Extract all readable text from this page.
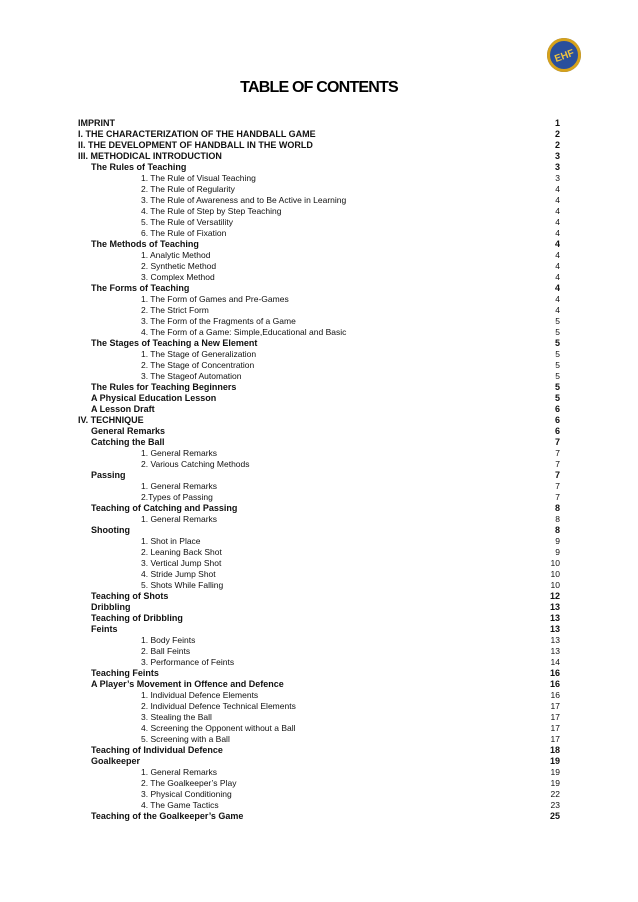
EHF
TABLE OF CONTENTS
IMPRINT	1
I. THE CHARACTERIZATION OF THE HANDBALL GAME	2
II. THE DEVELOPMENT OF HANDBALL IN THE WORLD	2
III. METHODICAL INTRODUCTION	3
The Rules of Teaching	3
1. The Rule of Visual Teaching	3
2. The Rule of Regularity	4
3. The Rule of Awareness and to Be Active in Learning	4
4. The Rule of Step by Step Teaching	4
5. The Rule of Versatility	4
6. The Rule of Fixation	4
The Methods of Teaching	4
1. Analytic Method	4
2. Synthetic Method	4
3. Complex Method	4
The Forms of Teaching	4
1. The Form of Games and Pre-Games	4
2. The Strict Form	4
3. The Form of the Fragments of a Game	5
4. The Form of a Game: Simple,Educational and Basic	5
The Stages of Teaching a New Element	5
1. The Stage of Generalization	5
2. The Stage of Concentration	5
3. The Stageof Automation	5
The Rules for Teaching Beginners	5
A Physical Education Lesson	5
A Lesson Draft	6
IV. TECHNIQUE	6
General Remarks	6
Catching the Ball	7
1. General Remarks	7
2. Various Catching Methods	7
Passing	7
1. General Remarks	7
2.Types of Passing	7
Teaching of Catching and Passing	8
1. General Remarks	8
Shooting	8
1. Shot in Place	9
2. Leaning Back Shot	9
3. Vertical Jump Shot	10
4. Stride Jump Shot	10
5. Shots While Falling	10
Teaching of Shots	12
Dribbling	13
Teaching of Dribbling	13
Feints	13
1. Body Feints	13
2. Ball Feints	13
3. Performance of Feints	14
Teaching Feints	16
A Player’s Movement in Offence and Defence	16
1. Individual Defence Elements	16
2. Individual Defence Technical Elements	17
3. Stealing the Ball	17
4. Screening the Opponent without a Ball	17
5. Screening with a Ball	17
Teaching of Individual Defence	18
Goalkeeper	19
1. General Remarks	19
2. The Goalkeeper’s Play	19
3. Physical Conditioning	22
4. The Game Tactics	23
Teaching of the Goalkeeper’s Game	25
